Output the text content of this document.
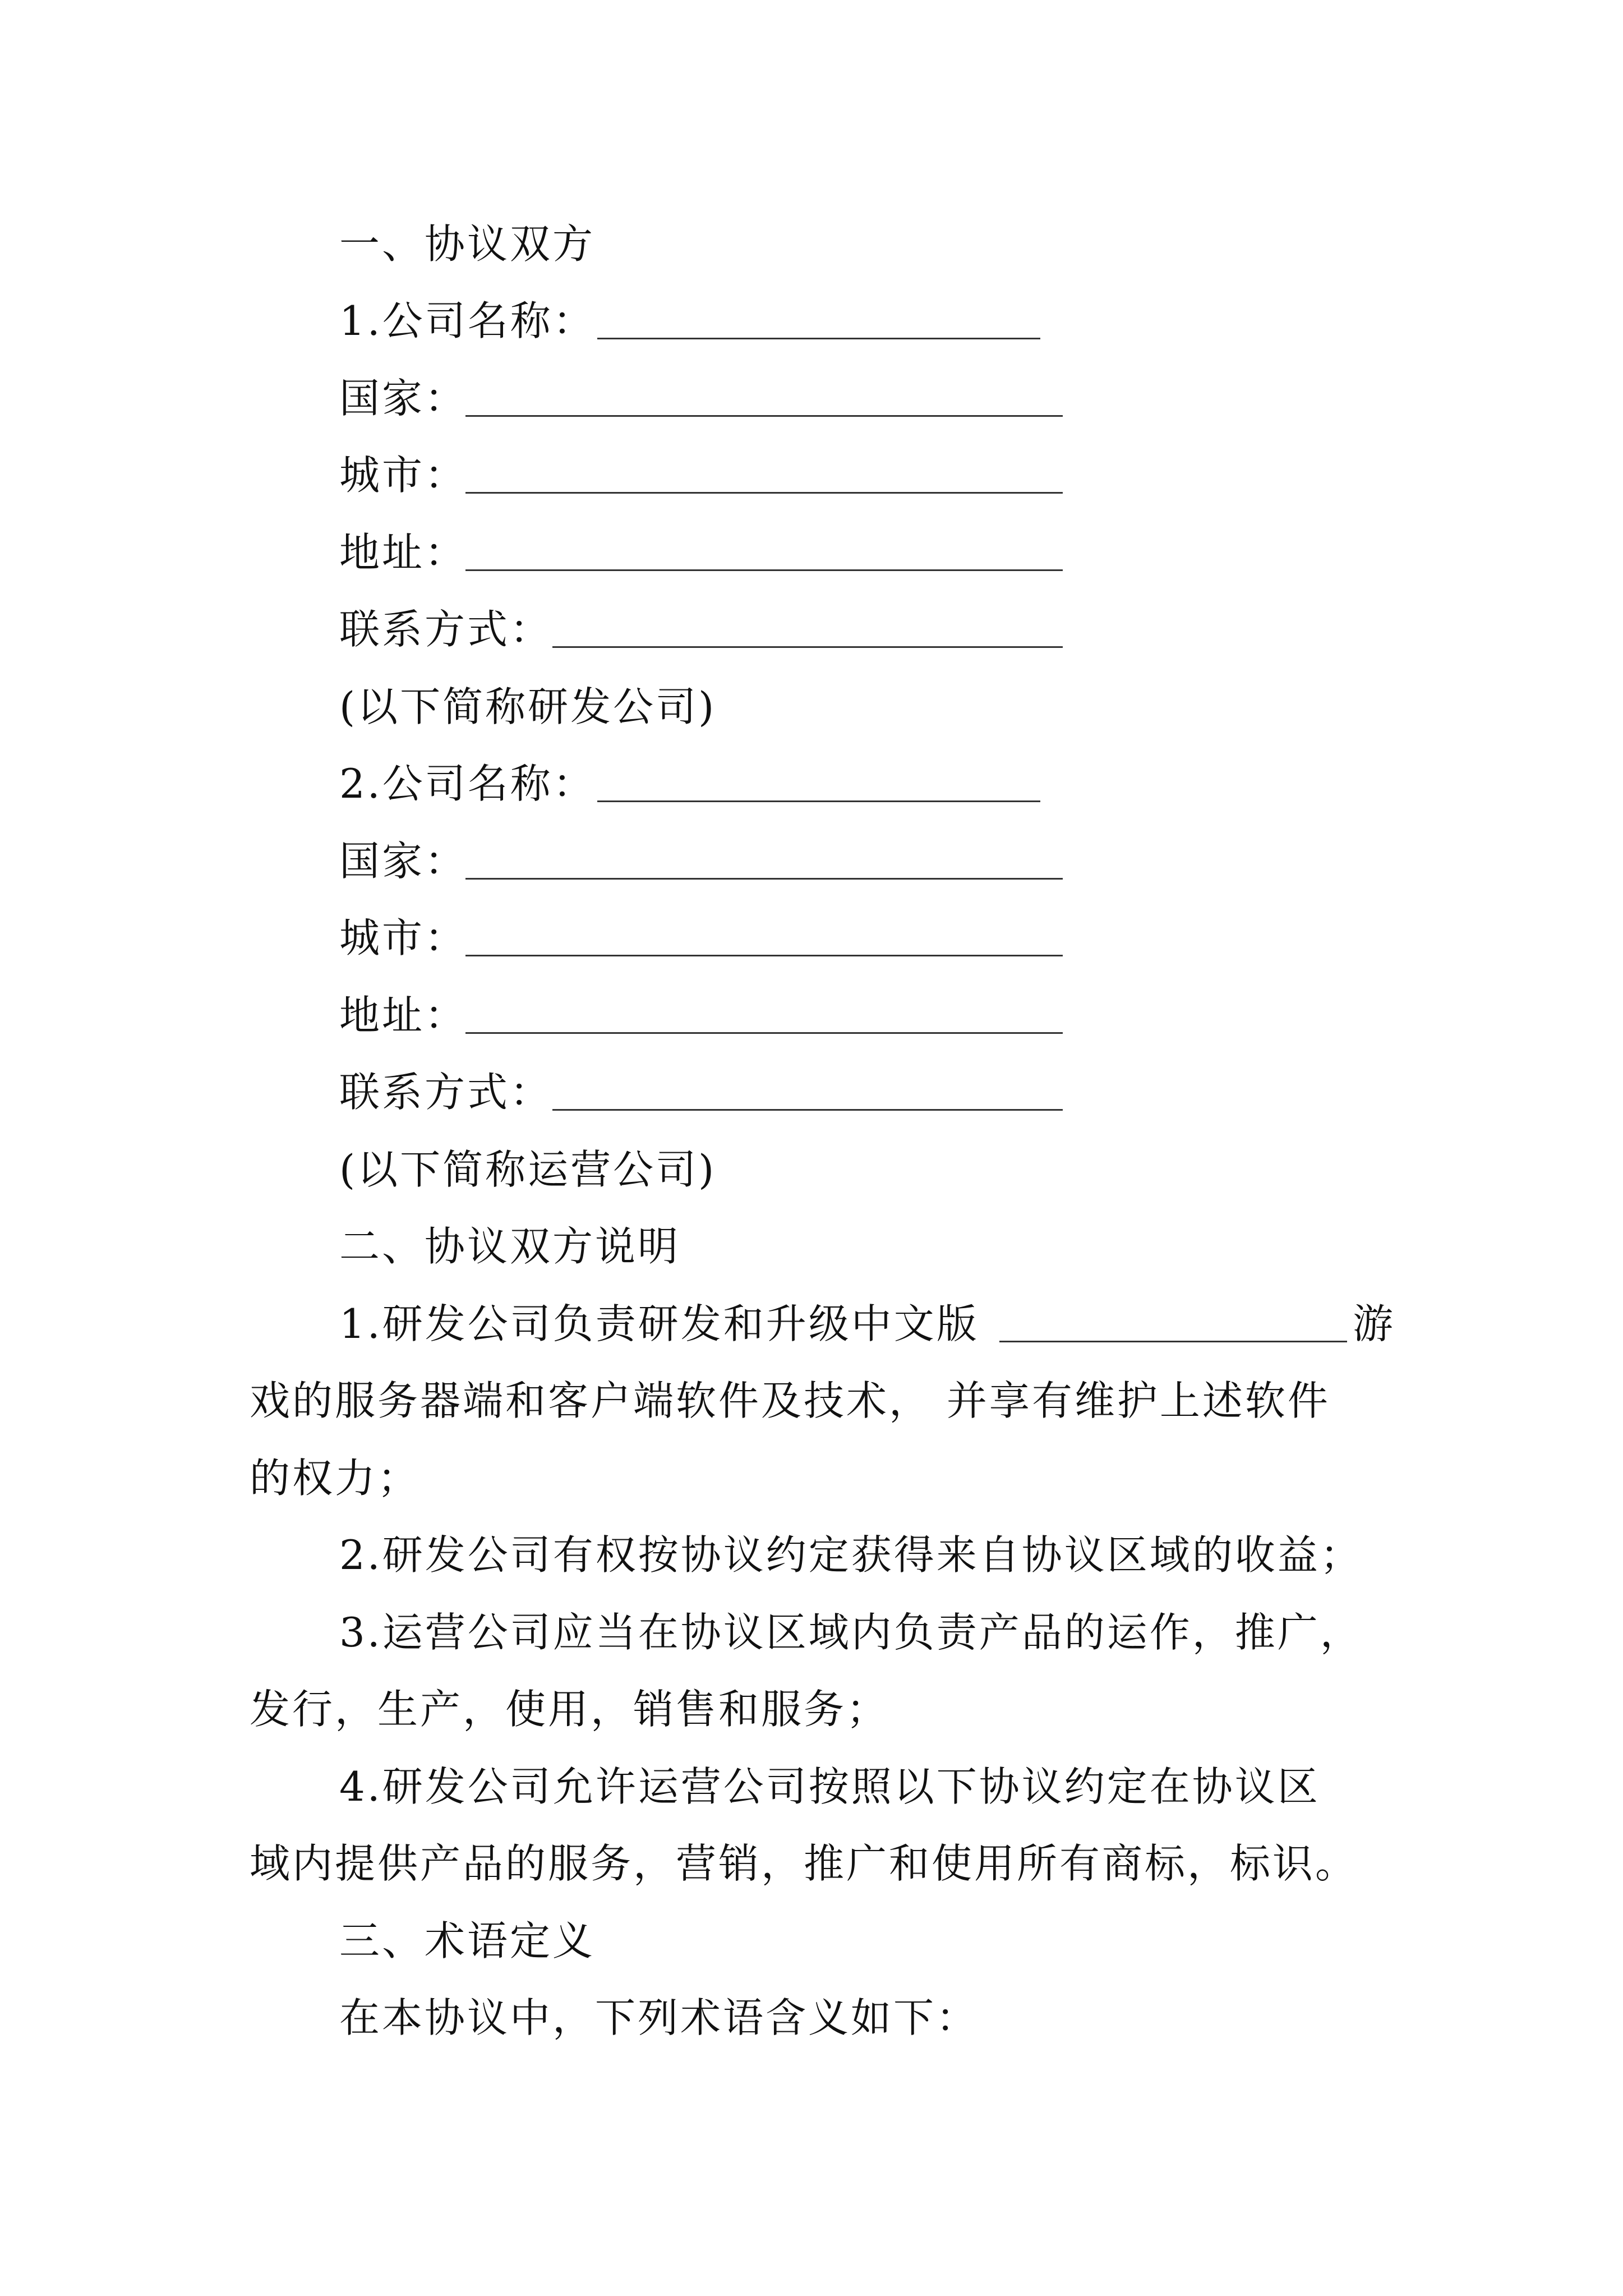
一、协议双方
1.公司名称：
国家：
城市：
地址：
联系方式：
(以下简称研发公司)
2.公司名称：
国家：
城市：
地址：
联系方式：
(以下简称运营公司)
二、协议双方说明
1.研发公司负责研发和升级中文版	游
戏的服务器端和客户端软件及技术， 并享有维护上述软件
的权力；
2.研发公司有权按协议约定获得来自协议区域的收益；
3.运营公司应当在协议区域内负责产品的运作，推广，
发行，生产，使用，销售和服务；
4.研发公司允许运营公司按照以下协议约定在协议区
域内提供产品的服务，营销，推广和使用所有商标，标识。
三、术语定义
在本协议中，下列术语含义如下：
